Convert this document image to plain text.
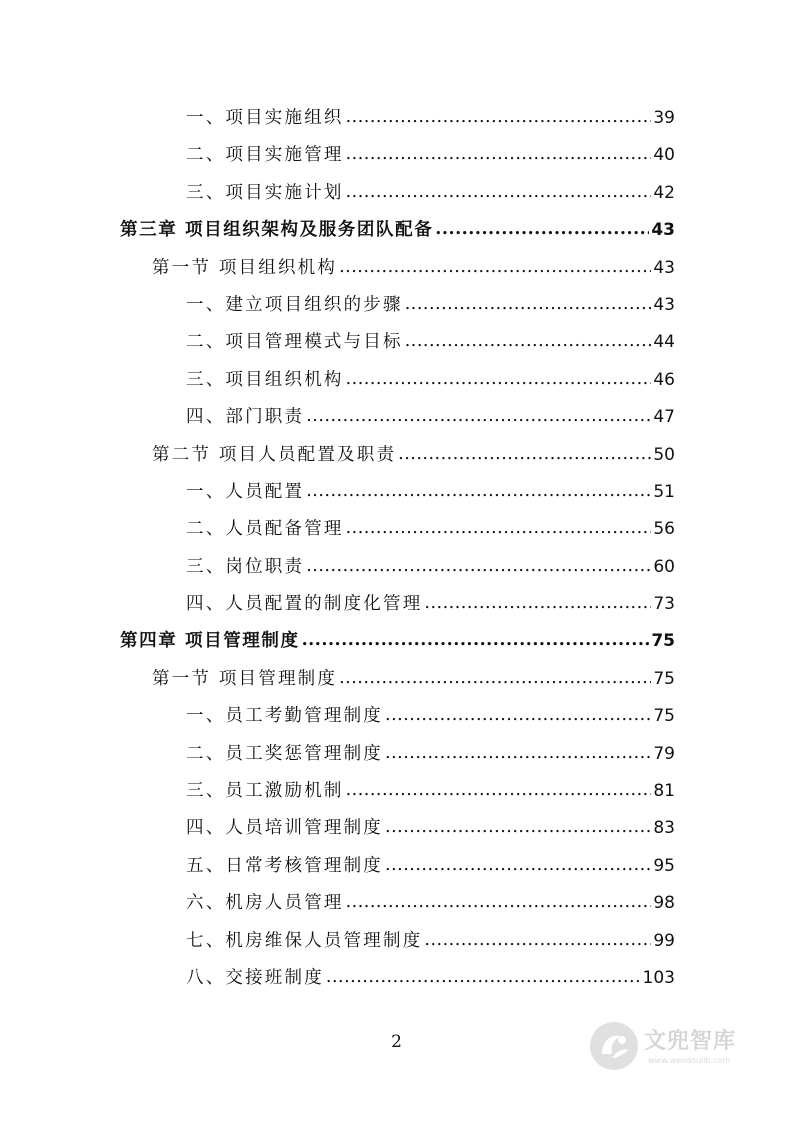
一、项目实施组织 .....	39
二、项目实施管理 .....	40
三、项目实施计划 .....	42
第三章 项目组织架构及服务团队配备 .....	43
第一节 项目组织机构 .....	43
一、建立项目组织的步骤 .....	43
二、项目管理模式与目标 .....	44
三、项目组织机构 .....	46
四、部门职责 .....	47
第二节 项目人员配置及职责 .....	50
一、人员配置 .....	51
二、人员配备管理 .....	56
三、岗位职责 .....	60
四、人员配置的制度化管理 .....	73
第四章 项目管理制度 .....	75
第一节 项目管理制度 .....	75
一、员工考勤管理制度 .....	75
二、员工奖惩管理制度 .....	79
三、员工激励机制 .....	81
四、人员培训管理制度 .....	83
五、日常考核管理制度 .....	95
六、机房人员管理 .....	98
七、机房维保人员管理制度 .....	99
八、交接班制度 .....	103
2	文兜智库
www.wendoulib.com
